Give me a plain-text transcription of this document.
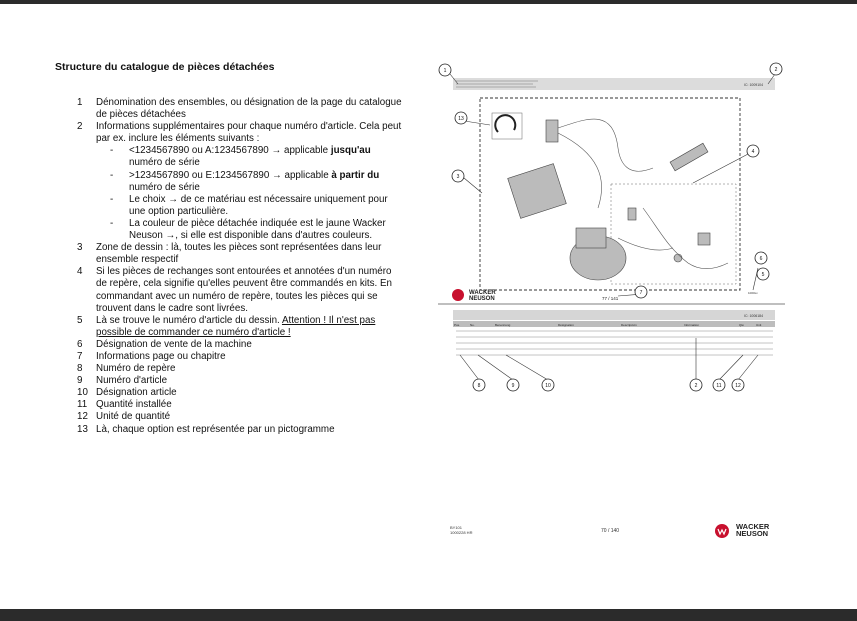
Structure du catalogue de pièces détachées
1 Dénomination des ensembles, ou désignation de la page du catalogue de pièces détachées
2 Informations supplémentaires pour chaque numéro d'article. Cela peut par ex. inclure les éléments suivants :
- <1234567890 ou A:1234567890 → applicable jusqu'au numéro de série
- >1234567890 ou E:1234567890 → applicable à partir du numéro de série
- Le choix → de ce matériau est nécessaire uniquement pour une option particulière.
- La couleur de pièce détachée indiquée est le jaune Wacker Neuson →, si elle est disponible dans d'autres couleurs.
3 Zone de dessin : là, toutes les pièces sont représentées dans leur ensemble respectif
4 Si les pièces de rechanges sont entourées et annotées d'un numéro de repère, cela signifie qu'elles peuvent être commandés en kits. En commandant avec un numéro de repère, toutes les pièces qui se trouvent dans le cadre sont livrées.
5 Là se trouve le numéro d'article du dessin. Attention ! Il n'est pas possible de commander ce numéro d'article !
6 Désignation de vente de la machine
7 Informations page ou chapitre
8 Numéro de repère
9 Numéro d'article
10 Désignation article
11 Quantité installée
12 Unité de quantité
13 Là, chaque option est représentée par un pictogramme
IC: 1009104
77 / 141
1000xx
WACKER
NEUSON
IC: 1006184
Pos.	No.	Benennung	Désignation	Descripción	Information	Qté	Unit
1	2
3
4
5
6
7
8	9	10	11	12
13
2
BY101
1000228 HR	70 / 140	WACKER
NEUSON
